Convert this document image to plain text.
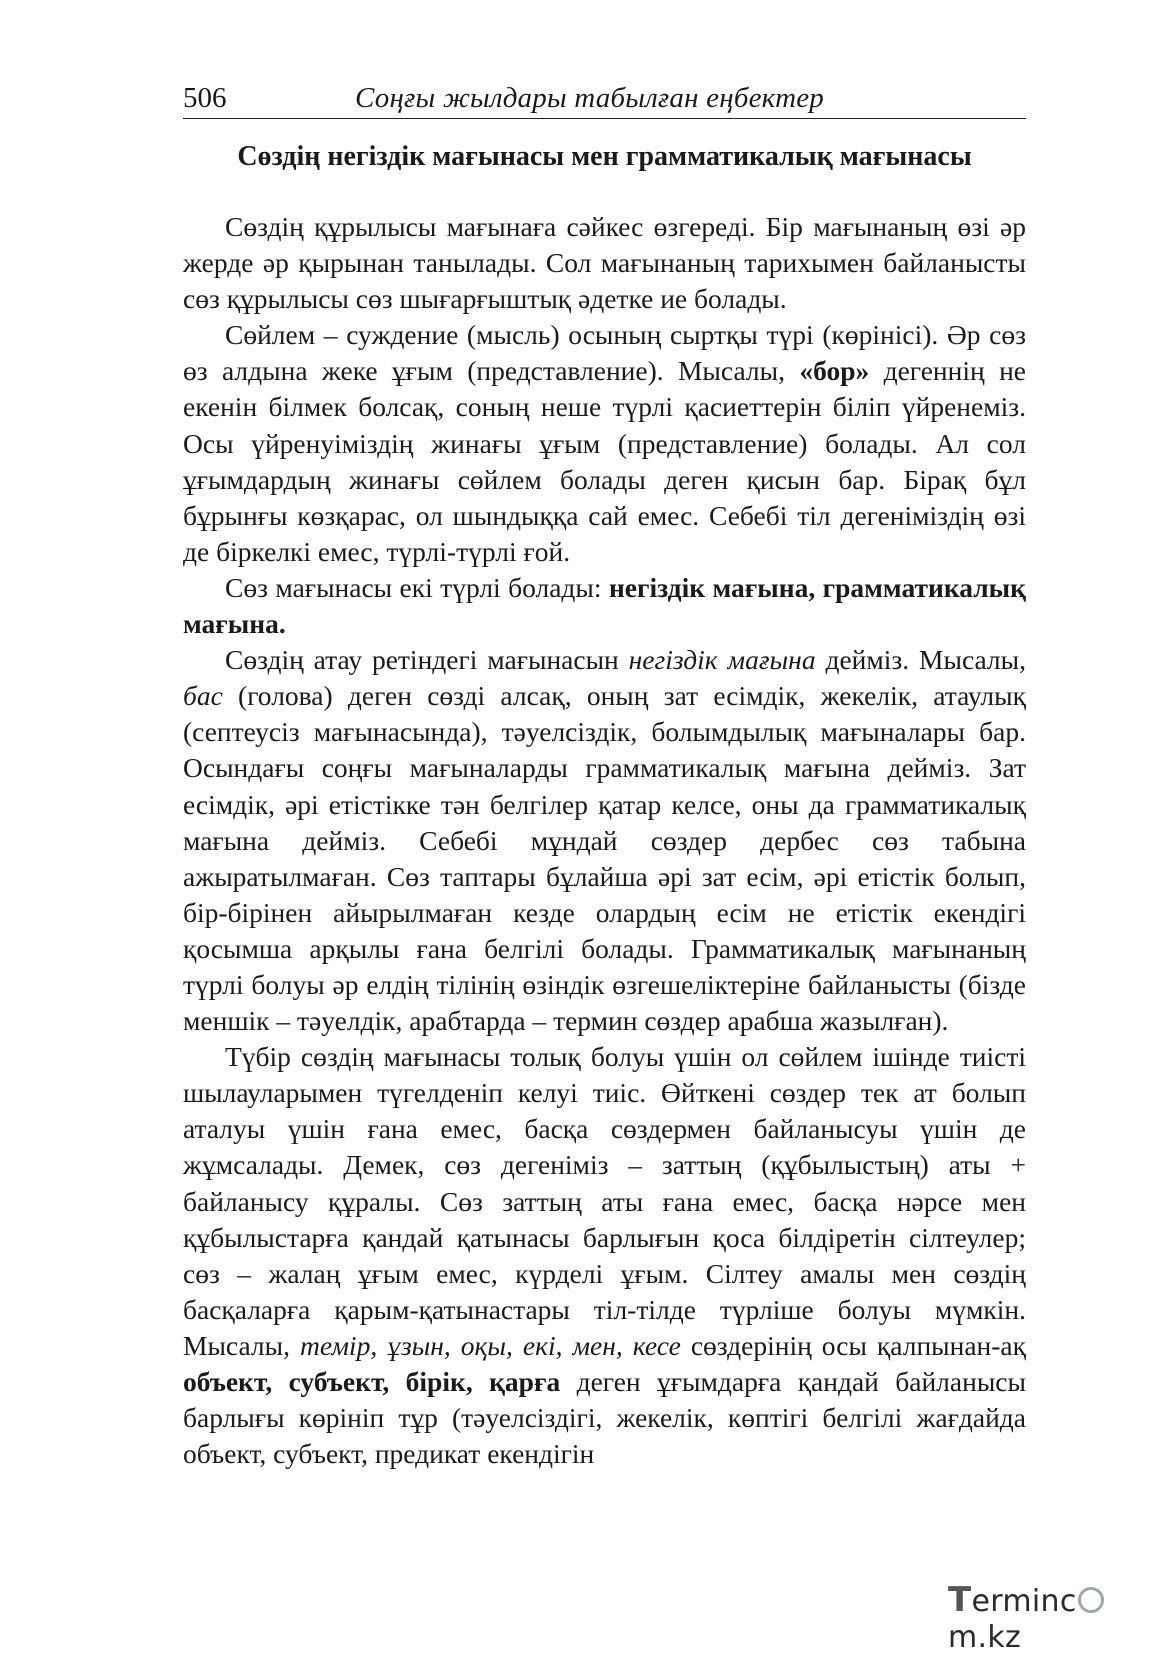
506	Соңғы жылдары табылған еңбектер
Сөздің негіздік мағынасы мен грамматикалық мағынасы

Сөздің құрылысы мағынаға сәйкес өзгереді. Бір мағынаның өзі әр жерде әр қырынан танылады. Сол мағынаның тарихымен байланысты сөз құрылысы сөз шығарғыштық әдетке ие болады.

Сөйлем – суждение (мысль) осының сыртқы түрі (көрінісі). Әр сөз өз алдына жеке ұғым (представление). Мысалы, «бор» дегеннің не екенін білмек болсақ, соның неше түрлі қасиеттерін біліп үйренеміз. Осы үйренуіміздің жинағы ұғым (представление) болады. Ал сол ұғымдардың жинағы сөйлем болады деген қисын бар. Бірақ бұл бұрынғы көзқарас, ол шындыққа сай емес. Себебі тіл дегеніміздің өзі де біркелкі емес, түрлі-түрлі ғой.

Сөз мағынасы екі түрлі болады: негіздік мағына, грамматикалық мағына.

Сөздің атау ретіндегі мағынасын негіздік мағына дейміз. Мысалы, бас (голова) деген сөзді алсақ, оның зат есімдік, жекелік, атаулық (септеусіз мағынасында), тәуелсіздік, болымдылық мағыналары бар. Осындағы соңғы мағыналарды грамматикалық мағына дейміз. Зат есімдік, әрі етістікке тән белгілер қатар келсе, оны да грамматикалық мағына дейміз. Себебі мұндай сөздер дербес сөз табына ажыратылмаған. Сөз таптары бұлайша әрі зат есім, әрі етістік болып, бір-бірінен айырылмаған кезде олардың есім не етістік екендігі қосымша арқылы ғана белгілі болады. Грамматикалық мағынаның түрлі болуы әр елдің тілінің өзіндік өзгешеліктеріне байланысты (бізде меншік – тәуелдік, арабтарда – термин сөздер арабша жазылған).

Түбір сөздің мағынасы толық болуы үшін ол сөйлем ішінде тиісті шылауларымен түгелденіп келуі тиіс. Өйткені сөздер тек ат болып аталуы үшін ғана емес, басқа сөздермен байланысуы үшін де жұмсалады. Демек, сөз дегеніміз – заттың (құбылыстың) аты + байланысу құралы. Сөз заттың аты ғана емес, басқа нәрсе мен құбылыстарға қандай қатынасы барлығын қоса білдіретін сілтеулер; сөз – жалаң ұғым емес, күрделі ұғым. Сілтеу амалы мен сөздің басқаларға қарым-қатынастары тіл-тілде түрліше болуы мүмкін. Мысалы, темір, ұзын, оқы, екі, мен, кесе сөздерінің осы қалпынан-ақ объект, субъект, бірік, қарға деген ұғымдарға қандай байланысы барлығы көрініп тұр (тәуелсіздігі, жекелік, көптігі белгілі жағдайда объект, субъект, предикат екендігін

Termincm.kz
